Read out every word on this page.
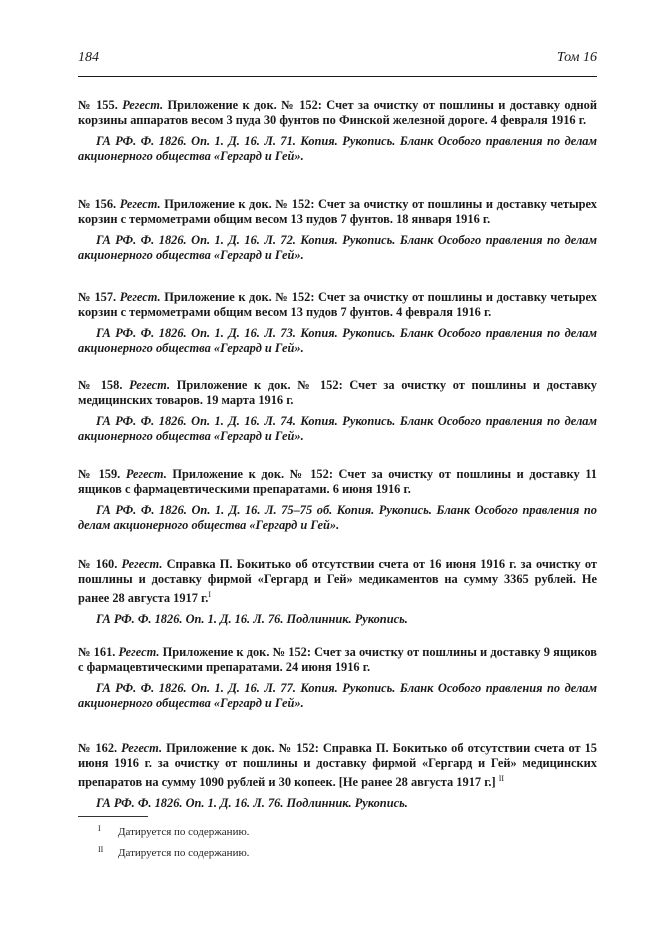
184	Том 16

№ 155. Регест. Приложение к док. № 152: Счет за очистку от пошлины и доставку одной корзины аппаратов весом 3 пуда 30 фунтов по Финской железной дороге. 4 февраля 1916 г.

ГА РФ. Ф. 1826. Оп. 1. Д. 16. Л. 71. Копия. Рукопись. Бланк Особого правления по делам акционерного общества «Гергард и Гей».

№ 156. Регест. Приложение к док. № 152: Счет за очистку от пошлины и доставку четырех корзин с термометрами общим весом 13 пудов 7 фунтов. 18 января 1916 г.

ГА РФ. Ф. 1826. Оп. 1. Д. 16. Л. 72. Копия. Рукопись. Бланк Особого правления по делам акционерного общества «Гергард и Гей».

№ 157. Регест. Приложение к док. № 152: Счет за очистку от пошлины и доставку четырех корзин с термометрами общим весом 13 пудов 7 фунтов. 4 февраля 1916 г.

ГА РФ. Ф. 1826. Оп. 1. Д. 16. Л. 73. Копия. Рукопись. Бланк Особого правления по делам акционерного общества «Гергард и Гей».

№ 158. Регест. Приложение к док. № 152: Счет за очистку от пошлины и доставку медицинских товаров. 19 марта 1916 г.

ГА РФ. Ф. 1826. Оп. 1. Д. 16. Л. 74. Копия. Рукопись. Бланк Особого правления по делам акционерного общества «Гергард и Гей».

№ 159. Регест. Приложение к док. № 152: Счет за очистку от пошлины и доставку 11 ящиков с фармацевтическими препаратами. 6 июня 1916 г.

ГА РФ. Ф. 1826. Оп. 1. Д. 16. Л. 75–75 об. Копия. Рукопись. Бланк Особого правления по делам акционерного общества «Гергард и Гей».

№ 160. Регест. Справка П. Бокитько об отсутствии счета от 16 июня 1916 г. за очистку от пошлины и доставку фирмой «Гергард и Гей» медикаментов на сумму 3365 рублей. Не ранее 28 августа 1917 г.$^I$

ГА РФ. Ф. 1826. Оп. 1. Д. 16. Л. 76. Подлинник. Рукопись.

№ 161. Регест. Приложение к док. № 152: Счет за очистку от пошлины и доставку 9 ящиков с фармацевтическими препаратами. 24 июня 1916 г.

ГА РФ. Ф. 1826. Оп. 1. Д. 16. Л. 77. Копия. Рукопись. Бланк Особого правления по делам акционерного общества «Гергард и Гей».

№ 162. Регест. Приложение к док. № 152: Справка П. Бокитько об отсутствии счета от 15 июня 1916 г. за очистку от пошлины и доставку фирмой «Гергард и Гей» медицинских препаратов на сумму 1090 рублей и 30 копеек. [Не ранее 28 августа 1917 г.] $^{II}$

ГА РФ. Ф. 1826. Оп. 1. Д. 16. Л. 76. Подлинник. Рукопись.

I Датируется по содержанию.
II Датируется по содержанию.
